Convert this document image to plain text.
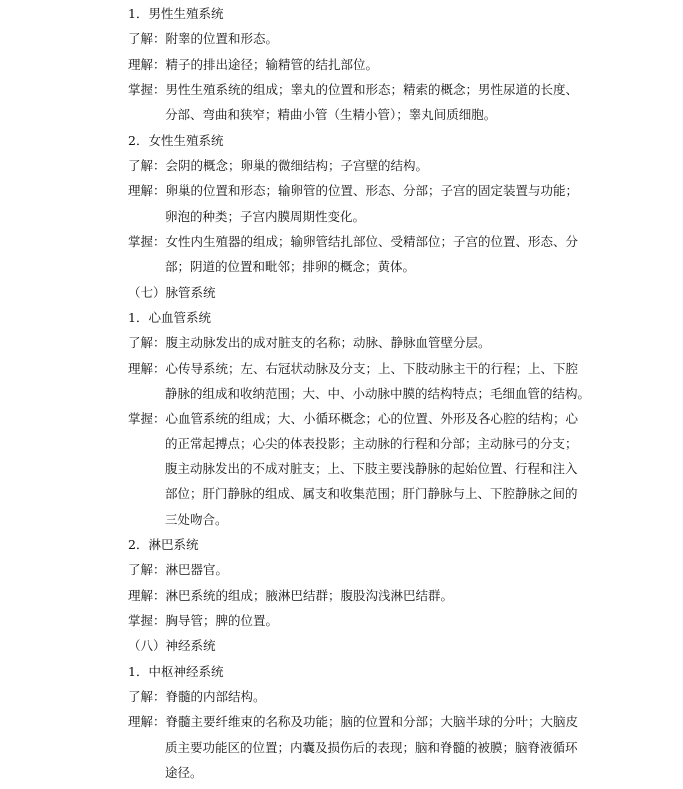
1．男性生殖系统
了解：附睾的位置和形态。
理解：精子的排出途径；输精管的结扎部位。
掌握：男性生殖系统的组成；睾丸的位置和形态；精索的概念；男性尿道的长度、
分部、弯曲和狭窄；精曲小管（生精小管）；睾丸间质细胞。
2．女性生殖系统
了解：会阴的概念；卵巢的微细结构；子宫壁的结构。
理解：卵巢的位置和形态；输卵管的位置、形态、分部；子宫的固定装置与功能；
卵泡的种类；子宫内膜周期性变化。
掌握：女性内生殖器的组成；输卵管结扎部位、受精部位；子宫的位置、形态、分
部；阴道的位置和毗邻；排卵的概念；黄体。
（七）脉管系统
1．心血管系统
了解：腹主动脉发出的成对脏支的名称；动脉、静脉血管壁分层。
理解：心传导系统；左、右冠状动脉及分支；上、下肢动脉主干的行程；上、下腔
静脉的组成和收纳范围；大、中、小动脉中膜的结构特点；毛细血管的结构。
掌握：心血管系统的组成；大、小循环概念；心的位置、外形及各心腔的结构；心
的正常起搏点；心尖的体表投影；主动脉的行程和分部；主动脉弓的分支；
腹主动脉发出的不成对脏支；上、下肢主要浅静脉的起始位置、行程和注入
部位；肝门静脉的组成、属支和收集范围；肝门静脉与上、下腔静脉之间的
三处吻合。
2．淋巴系统
了解：淋巴器官。
理解：淋巴系统的组成；腋淋巴结群；腹股沟浅淋巴结群。
掌握：胸导管；脾的位置。
（八）神经系统
1．中枢神经系统
了解：脊髓的内部结构。
理解：脊髓主要纤维束的名称及功能；脑的位置和分部；大脑半球的分叶；大脑皮
质主要功能区的位置；内囊及损伤后的表现；脑和脊髓的被膜；脑脊液循环
途径。
